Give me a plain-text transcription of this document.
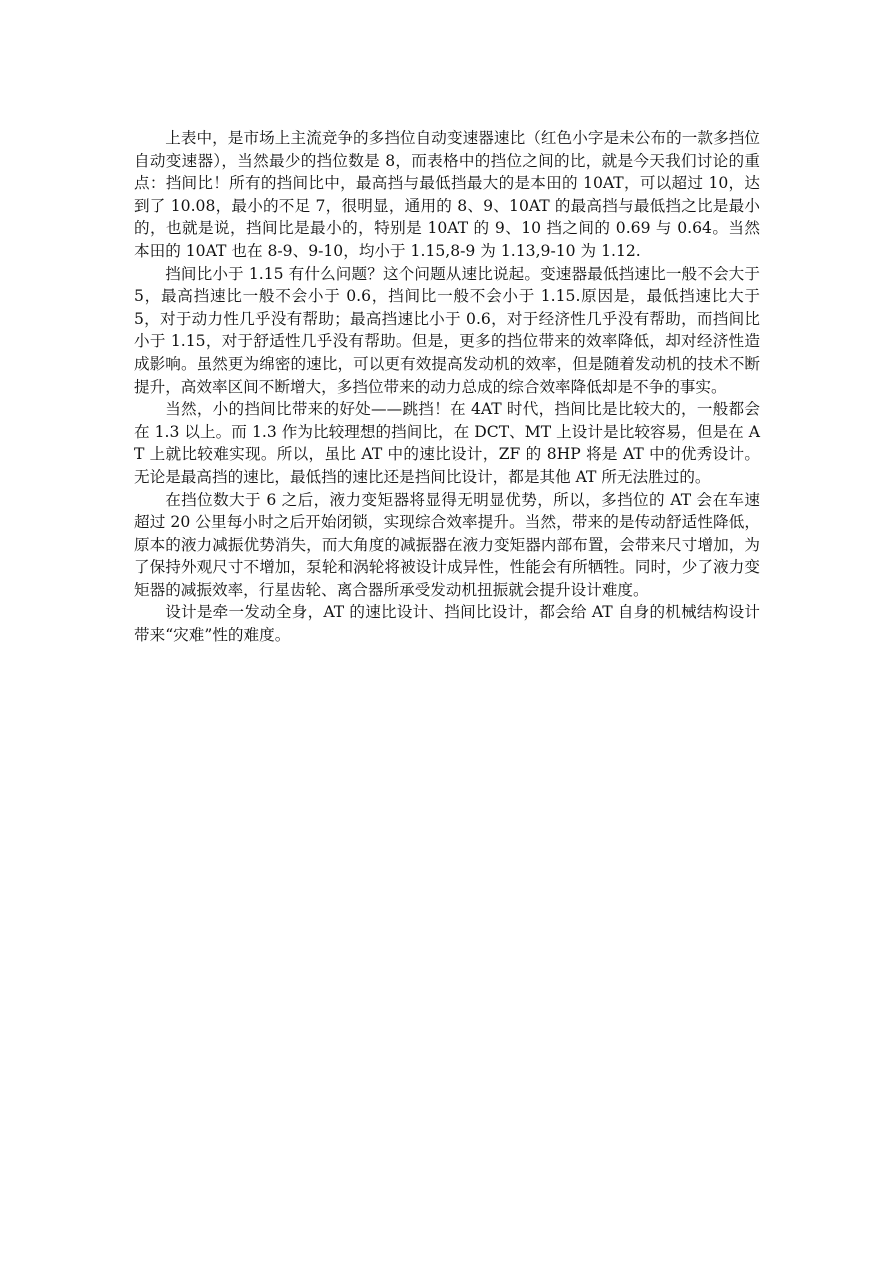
上表中，是市场上主流竞争的多挡位自动变速器速比（红色小字是未公布的一款多挡位自动变速器），当然最少的挡位数是 8，而表格中的挡位之间的比，就是今天我们讨论的重点：挡间比！所有的挡间比中，最高挡与最低挡最大的是本田的 10AT，可以超过 10，达到了 10.08，最小的不足 7，很明显，通用的 8、9、10AT 的最高挡与最低挡之比是最小的，也就是说，挡间比是最小的，特别是 10AT 的 9、10 挡之间的 0.69 与 0.64。当然本田的 10AT 也在 8-9、9-10，均小于 1.15,8-9 为 1.13,9-10 为 1.12.

挡间比小于 1.15 有什么问题？这个问题从速比说起。变速器最低挡速比一般不会大于 5，最高挡速比一般不会小于 0.6，挡间比一般不会小于 1.15.原因是，最低挡速比大于 5，对于动力性几乎没有帮助；最高挡速比小于 0.6，对于经济性几乎没有帮助，而挡间比小于 1.15，对于舒适性几乎没有帮助。但是，更多的挡位带来的效率降低，却对经济性造成影响。虽然更为绵密的速比，可以更有效提高发动机的效率，但是随着发动机的技术不断提升，高效率区间不断增大，多挡位带来的动力总成的综合效率降低却是不争的事实。

当然，小的挡间比带来的好处——跳挡！在 4AT 时代，挡间比是比较大的，一般都会在 1.3 以上。而 1.3 作为比较理想的挡间比，在 DCT、MT 上设计是比较容易，但是在 AT 上就比较难实现。所以，虽比 AT 中的速比设计，ZF 的 8HP 将是 AT 中的优秀设计。无论是最高挡的速比，最低挡的速比还是挡间比设计，都是其他 AT 所无法胜过的。

在挡位数大于 6 之后，液力变矩器将显得无明显优势，所以，多挡位的 AT 会在车速超过 20 公里每小时之后开始闭锁，实现综合效率提升。当然，带来的是传动舒适性降低，原本的液力减振优势消失，而大角度的减振器在液力变矩器内部布置，会带来尺寸增加，为了保持外观尺寸不增加，泵轮和涡轮将被设计成异性，性能会有所牺牲。同时，少了液力变矩器的减振效率，行星齿轮、离合器所承受发动机扭振就会提升设计难度。

设计是牵一发动全身，AT 的速比设计、挡间比设计，都会给 AT 自身的机械结构设计带来“灾难”性的难度。
